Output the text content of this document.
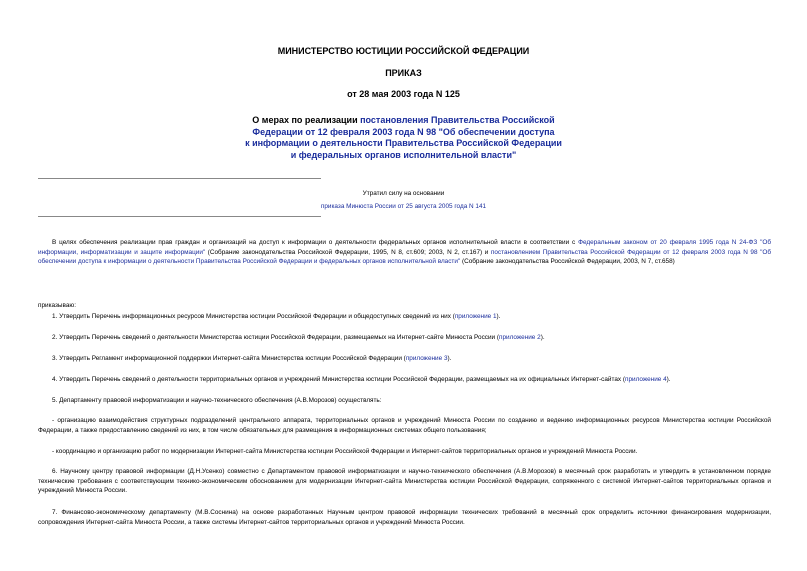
МИНИСТЕРСТВО ЮСТИЦИИ РОССИЙСКОЙ ФЕДЕРАЦИИ
ПРИКАЗ
от 28 мая 2003 года N 125
О мерах по реализации постановления Правительства Российской
Федерации от 12 февраля 2003 года N 98 "Об обеспечении доступа
к информации о деятельности Правительства Российской Федерации
и федеральных органов исполнительной власти"
Утратил силу на основании
приказа Минюста России от 25 августа 2005 года N 141
В целях обеспечения реализации прав граждан и организаций на доступ к информации о деятельности федеральных органов исполнительной власти в соответствии с Федеральным законом от 20 февраля 1995 года N 24-ФЗ "Об информации, информатизации и защите информации" (Собрание законодательства Российской Федерации, 1995, N 8, ст.609; 2003, N 2, ст.167) и постановлением Правительства Российской Федерации от 12 февраля 2003 года N 98 "Об обеспечении доступа к информации о деятельности Правительства Российской Федерации и федеральных органов исполнительной власти" (Собрание законодательства Российской Федерации, 2003, N 7, ст.658)
приказываю:
1. Утвердить Перечень информационных ресурсов Министерства юстиции Российской Федерации и общедоступных сведений из них (приложение 1).
2. Утвердить Перечень сведений о деятельности Министерства юстиции Российской Федерации, размещаемых на Интернет-сайте Минюста России (приложение 2).
3. Утвердить Регламент информационной поддержки Интернет-сайта Министерства юстиции Российской Федерации (приложение 3).
4. Утвердить Перечень сведений о деятельности территориальных органов и учреждений Министерства юстиции Российской Федерации, размещаемых на их официальных Интернет-сайтах (приложение 4).
5. Департаменту правовой информатизации и научно-технического обеспечения (А.В.Морозов) осуществлять:
- организацию взаимодействия структурных подразделений центрального аппарата, территориальных органов и учреждений Минюста России по созданию и ведению информационных ресурсов Министерства юстиции Российской Федерации, а также предоставлению сведений из них, в том числе обязательных для размещения в информационных системах общего пользования;
- координацию и организацию работ по модернизации Интернет-сайта Министерства юстиции Российской Федерации и Интернет-сайтов территориальных органов и учреждений Минюста России.
6. Научному центру правовой информации (Д.Н.Усенко) совместно с Департаментом правовой информатизации и научно-технического обеспечения (А.В.Морозов) в месячный срок разработать и утвердить в установленном порядке технические требования с соответствующим технико-экономическим обоснованием для модернизации Интернет-сайта Министерства юстиции Российской Федерации, сопряженного с системой Интернет-сайтов территориальных органов и учреждений Минюста России.
7. Финансово-экономическому департаменту (М.В.Соснина) на основе разработанных Научным центром правовой информации технических требований в месячный срок определить источники финансирования модернизации, сопровождения Интернет-сайта Минюста России, а также системы Интернет-сайтов территориальных органов и учреждений Минюста России.
